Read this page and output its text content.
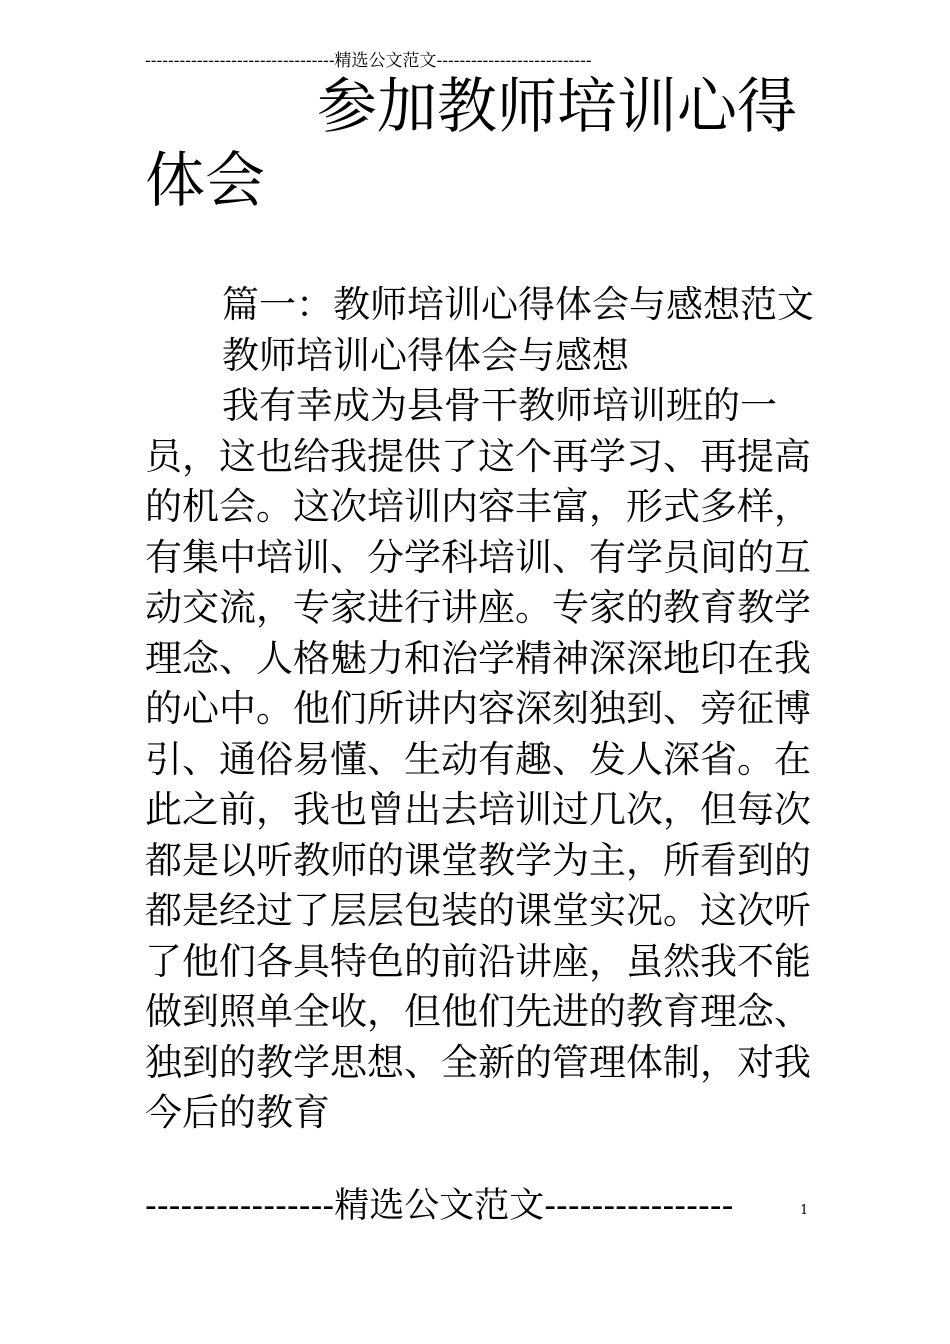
---------------------------------精选公文范文---------------------------
参加教师培训心得体会

篇一：教师培训心得体会与感想范文

教师培训心得体会与感想

我有幸成为县骨干教师培训班的一员，这也给我提供了这个再学习、再提高的机会。这次培训内容丰富，形式多样，有集中培训、分学科培训、有学员间的互动交流，专家进行讲座。专家的教育教学理念、人格魅力和治学精神深深地印在我的心中。他们所讲内容深刻独到、旁征博引、通俗易懂、生动有趣、发人深省。在此之前，我也曾出去培训过几次，但每次都是以听教师的课堂教学为主，所看到的都是经过了层层包装的课堂实况。这次听了他们各具特色的前沿讲座，虽然我不能做到照单全收，但他们先进的教育理念、独到的教学思想、全新的管理体制，对我今后的教育

----------------精选公文范文----------------	1
